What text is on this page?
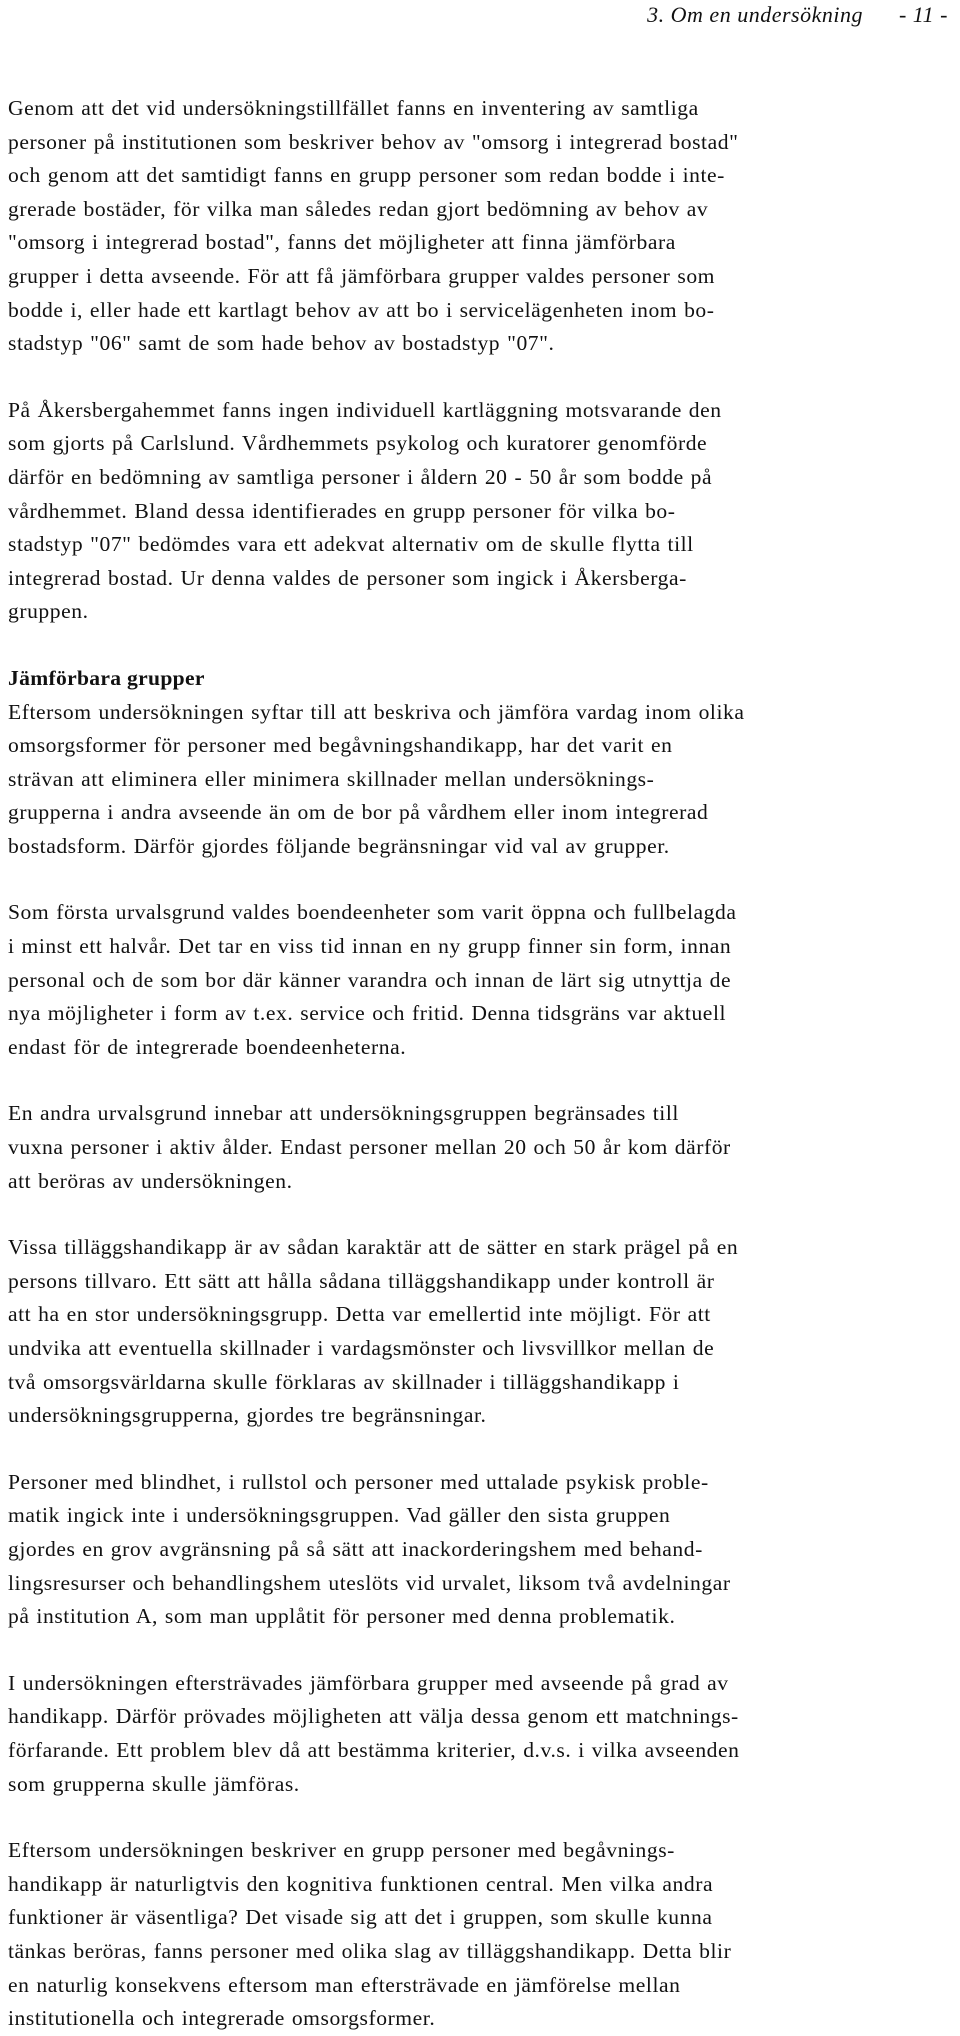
3. Om en undersökning - 11 -

Genom att det vid undersökningstillfället fanns en inventering av samtliga
personer på institutionen som beskriver behov av "omsorg i integrerad bostad"
och genom att det samtidigt fanns en grupp personer som redan bodde i inte-
grerade bostäder, för vilka man således redan gjort bedömning av behov av
"omsorg i integrerad bostad", fanns det möjligheter att finna jämförbara
grupper i detta avseende. För att få jämförbara grupper valdes personer som
bodde i, eller hade ett kartlagt behov av att bo i servicelägenheten inom bo-
stadstyp "06" samt de som hade behov av bostadstyp "07".

På Åkersbergahemmet fanns ingen individuell kartläggning motsvarande den
som gjorts på Carlslund. Vårdhemmets psykolog och kuratorer genomförde
därför en bedömning av samtliga personer i åldern 20 - 50 år som bodde på
vårdhemmet. Bland dessa identifierades en grupp personer för vilka bo-
stadstyp "07" bedömdes vara ett adekvat alternativ om de skulle flytta till
integrerad bostad. Ur denna valdes de personer som ingick i Åkersberga-
gruppen.

Jämförbara grupper

Eftersom undersökningen syftar till att beskriva och jämföra vardag inom olika
omsorgsformer för personer med begåvningshandikapp, har det varit en
strävan att eliminera eller minimera skillnader mellan undersöknings-
grupperna i andra avseende än om de bor på vårdhem eller inom integrerad
bostadsform. Därför gjordes följande begränsningar vid val av grupper.

Som första urvalsgrund valdes boendeenheter som varit öppna och fullbelagda
i minst ett halvår. Det tar en viss tid innan en ny grupp finner sin form, innan
personal och de som bor där känner varandra och innan de lärt sig utnyttja de
nya möjligheter i form av t.ex. service och fritid. Denna tidsgräns var aktuell
endast för de integrerade boendeenheterna.

En andra urvalsgrund innebar att undersökningsgruppen begränsades till
vuxna personer i aktiv ålder. Endast personer mellan 20 och 50 år kom därför
att beröras av undersökningen.

Vissa tilläggshandikapp är av sådan karaktär att de sätter en stark prägel på en
persons tillvaro. Ett sätt att hålla sådana tilläggshandikapp under kontroll är
att ha en stor undersökningsgrupp. Detta var emellertid inte möjligt. För att
undvika att eventuella skillnader i vardagsmönster och livsvillkor mellan de
två omsorgsvärldarna skulle förklaras av skillnader i tilläggshandikapp i
undersökningsgrupperna, gjordes tre begränsningar.

Personer med blindhet, i rullstol och personer med uttalade psykisk proble-
matik ingick inte i undersökningsgruppen. Vad gäller den sista gruppen
gjordes en grov avgränsning på så sätt att inackorderingshem med behand-
lingsresurser och behandlingshem uteslöts vid urvalet, liksom två avdelningar
på institution A, som man upplåtit för personer med denna problematik.

I undersökningen eftersträvades jämförbara grupper med avseende på grad av
handikapp. Därför prövades möjligheten att välja dessa genom ett matchnings-
förfarande. Ett problem blev då att bestämma kriterier, d.v.s. i vilka avseenden
som grupperna skulle jämföras.

Eftersom undersökningen beskriver en grupp personer med begåvnings-
handikapp är naturligtvis den kognitiva funktionen central. Men vilka andra
funktioner är väsentliga? Det visade sig att det i gruppen, som skulle kunna
tänkas beröras, fanns personer med olika slag av tilläggshandikapp. Detta blir
en naturlig konsekvens eftersom man eftersträvade en jämförelse mellan
institutionella och integrerade omsorgsformer.
